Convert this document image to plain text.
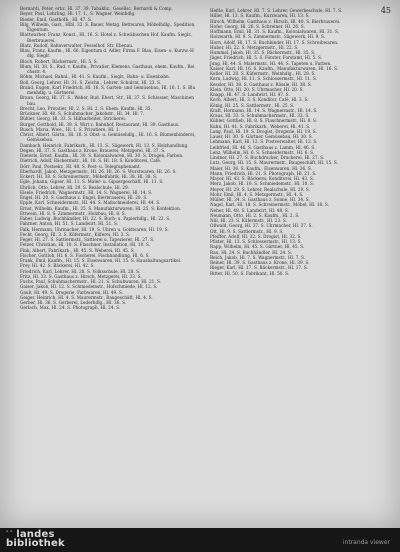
45

Bernardi, Peter, erbz. Hl. 37. 39. Tabakhz., Gesellsc. Bernardi & Comp.

Beyer, Paul, Lehrling, Hl. 17. 1., S. Wagner, Weinhdlg.

Bieder, Emil, Gasthofb., Hl. 47. S.

Bilg, Wilhelm, Gast., Hlbl. 32. S. Bauer, Metzg. Bettwaren, Möbelhdlg., Spedition, Eigentum.

Blattwarber, Franz, Konst., Hl. 16. S. Hotel z. Schwäbischen Hof, Kaufm. Sieglr., Bierbrauerei.

Blatz, Rudolf, Bahnverwalter, Fesselhof. Str. Ebenau.

Blau, Franz, Kaufm., Hl. 66. Eigentum d. Adler, Firma F. Blau, Eisen- u. Kurzw.-Hdlg. Sieglr.

Bloch, Robert, Bäckermstr., Hl. 5. S.

Blum, Hl. 38. S., Rud. v. Kaufm., Privatier, Klemens, Gasthaus, ehem. Kaufm., Reichsstr. 4.

Böhm, Michael, Bahnl., Hl. 41. S. Kaufm., Sieglr., Bahn- u. Eisenbahn.

Boll, Georg, Lehrer, Hl. 31. S. Zeichn., Lehrer, Schulrat, Hl. 23. S.

Brand, Eugen, Karl Friedrich, Hl. 16. S. Garten- und Gemüsebau, Hl. 16. 1. S. Blumenhdlg. u. Gärtnerei.

Braun, Georg, Hl. 37. S., Weber, Rud. Ebert, Str., Hl. 37. S. Schlosser, Maschinenbau.

Brecht, Leo, Privatier, Hl. 2. S. Hl. 2. S. Ehem. Kaufm. Hl. 35.

Brückner, Hl. 40. S. Schuhmacher, Jakobstr., Hl. 34. Hl. 7.

Bühler, Georg, Hl. 33. S. Hilfsarbeiter, Strickerei.

Burger, Gotthold, Hl. 39. S. Wirt z. Bahnhof, Restaurant, Hl. 39. Gasthaus.

Busch, Maria, Wwe., Hl. 1. S. Privatiere, Hl. 1.

Christ, Albert, Gärtn., Hl. 16. S. Obst- u. Gemüsehdlg., Hl. 16. S. Blumenbinderei, Gemüsebau.

Dambach, Heinrich, Fabrikarb., Hl. 13. S., Sägewerk, Hl. 13. S. Holzhandlung.

Degen, Hl. 37. S. Gasthaus z. Krone, Brauerei, Metzgerei, Hl. 37. S.

Dieterle, Ernst, Kaufm., Hl. 30. S. Kolonialwaren, Hl. 30. S. Drogen, Farben.

Dietrich, Adolf, Bäckermstr., Hl. 18. S. Hl. 18. S. Konditorei, Café.

Dörr, Paul, Postsekr., Hl. 48. S. Post- u. Telegraphenamt.

Eberhardt, Jakob, Metzgermstr., Hl. 26. Hl. 26. S. Wurstwaren, Hl. 26. S.

Eckert, Hl. 38. S. Schreinermstr., Möbelfabrik, Hl. 38. Hl. 38. S.

Egle, Johann, Gipser, Hl. 11. S. Maler- u. Gipsergeschäft, Hl. 11. S.

Ehrlich, Otto, Lehrer, Hl. 29. S. Realschule, Hl. 29.

Eisele, Friedrich, Wagnermstr., Hl. 14. S. Wagnerei, Hl. 14. S.

Engel, Hl. 20. S. Gasthaus z. Engel, Bierbrauerei, Hl. 20. S.

Epple, Karl, Schneidermstr., Hl. 44. S. Maßschneiderei, Hl. 44. S.

Ernst, Wilhelm, Kaufm., Hl. 25. S. Manufakturwaren, Hl. 25. S. Konfektion.

Ettwein, Hl. 8. S. Zimmermstr., Holzbau, Hl. 8. S.

Faber, Ludwig, Buchhändler, Hl. 22. S. Buch- u. Papierhdlg., Hl. 22. S.

Fahrner, Anton, Hl. 51. S. Landwirt, Hl. 51. S.

Falk, Hermann, Uhrmacher, Hl. 19. S. Uhren u. Goldwaren, Hl. 19. S.

Fecht, Georg, Hl. 3. S. Küfermstr., Küferei, Hl. 3. S.

Feger, Hl. 27. S. Sattlermstr., Sattlerei u. Tapezierer, Hl. 27. S.

Fetzer, Christian, Hl. 10. S. Flaschner, Installation, Hl. 10. S.

Fink, Albert, Fabrikarb., Hl. 45. S. Weberei, Hl. 45. S.

Fischer, Gottlob, Hl. 6. S. Fischerei, Fischhandlung, Hl. 6. S.

Frank, Emil, Kaufm., Hl. 15. S. Eisenwaren, Hl. 15. S. Haushaltungsartikel.

Frey, Hl. 42. S. Bäckerei, Hl. 42. S.

Friedrich, Karl, Lehrer, Hl. 28. S. Volksschule, Hl. 28. S.

Fritz, Hl. 33. S. Gasthaus z. Hirsch, Metzgerei, Hl. 33. S.

Fuchs, Paul, Schuhmachermstr., Hl. 21. S. Schuhwaren, Hl. 21. S.

Gaiser, Jakob, Hl. 12. S. Schmiedemstr., Hufschmiede, Hl. 12. S.

Gauß, Hl. 49. S. Drogerie, Farbwaren, Hl. 49. S.

Geiger, Heinrich, Hl. 4. S. Maurermstr., Baugeschäft, Hl. 4. S.

Gerber, Hl. 36. S. Gerberei, Lederhdlg., Hl. 36. S.

Gerlach, Max, Hl. 24. S. Photograph, Hl. 24. S.

Heßle, Karl, Lehrer, Hl. 7. S. Lehrer, Gewerbeschule, Hl. 7. S.

Hiller, Hl. 13. S. Kaufm., Kurzwaren, Hl. 13. S.

Hirsch, Wilhelm, Gasthaus z. Hirsch, Hl. 40. S. Bierbrauerei.

Hofer, Georg, Hl. 26. S. Schreiner, Hl. 26. S.

Hoffmann, Emil, Hl. 31. S. Kaufm., Kolonialwaren, Hl. 31. S.

Holzwarth, Hl. 9. S. Zimmermstr., Sägewerk, Hl. 9. S.

Horn, Adolf, Hl. 17. S. Buchbinder, Hl. 17. S. Schreibwaren.

Huber, Hl. 22. S. Metzgermstr., Hl. 22. S.

Hummel, Jakob, Hl. 35. S. Bäckermstr., Hl. 35. S.

Jäger, Friedrich, Hl. 5. S. Förster, Forstamt, Hl. 5. S.

Jung, Hl. 44. S. Malermstr., Hl. 44. S. Tapeten u. Farben.

Kaiser, Karl, Hl. 16. S. Kaufm., Manufakturwaren, Hl. 16. S.

Keller, Hl. 28. S. Küfermstr., Weinhdlg., Hl. 28. S.

Kern, Ludwig, Hl. 11. S. Schlossermstr., Hl. 11. S.

Kessler, Hl. 38. S. Gasthaus z. Rössle, Hl. 38. S.

Klein, Otto, Hl. 20. S. Uhrmacher, Hl. 20. S.

Knapp, Hl. 47. S. Landwirt, Hl. 47. S.

Koch, Albert, Hl. 3. S. Konditor, Café, Hl. 3. S.

König, Hl. 25. S. Sattlermstr., Hl. 25. S.

Kraft, Hermann, Hl. 14. S. Wagnermstr., Hl. 14. S.

Kraus, Hl. 33. S. Schuhmachermstr., Hl. 33. S.

Kübler, Gottlieb, Hl. 8. S. Flaschnermstr., Hl. 8. S.

Kuhn, Hl. 41. S. Fabrikarb., Weberei, Hl. 41. S.

Lang, Paul, Hl. 19. S. Drogist, Drogerie, Hl. 19. S.

Lauer, Hl. 30. S. Gärtner, Gemüsebau, Hl. 30. S.

Lehmann, Karl, Hl. 12. S. Postverwalter, Hl. 12. S.

Leibfried, Hl. 46. S. Gasthaus z. Lamm, Hl. 46. S.

Lenz, Wilhelm, Hl. 6. S. Schneidermstr., Hl. 6. S.

Lindner, Hl. 27. S. Buchdrucker, Druckerei, Hl. 27. S.

Lutz, Georg, Hl. 15. S. Maurermstr., Baugeschäft, Hl. 15. S.

Maier, Hl. 36. S. Kaufm., Eisenwaren, Hl. 36. S.

Mann, Friedrich, Hl. 21. S. Photograph, Hl. 21. S.

Mayer, Hl. 43. S. Bäckerei, Konditorei, Hl. 43. S.

Merz, Jakob, Hl. 10. S. Schmiedemstr., Hl. 10. S.

Meyer, Hl. 29. S. Lehrer, Realschule, Hl. 29. S.

Mohr, Emil, Hl. 4. S. Metzgermstr., Hl. 4. S.

Müller, Hl. 34. S. Gasthaus z. Sonne, Hl. 34. S.

Nagel, Karl, Hl. 18. S. Schreinermstr., Möbel, Hl. 18. S.

Neher, Hl. 48. S. Landwirt, Hl. 48. S.

Neumann, Otto, Hl. 2. S. Kaufm., Hl. 2. S.

Nill, Hl. 23. S. Küfermstr., Hl. 23. S.

Oßwald, Georg, Hl. 37. S. Uhrmacher, Hl. 37. S.

Ott, Hl. 9. S. Sattlermstr., Hl. 9. S.

Pfeiffer, Adolf, Hl. 32. S. Drogist, Hl. 32. S.

Pfister, Hl. 13. S. Schlossermstr., Hl. 13. S.

Rapp, Wilhelm, Hl. 45. S. Gärtner, Hl. 45. S.

Rau, Hl. 24. S. Buchhändler, Hl. 24. S.

Reich, Jakob, Hl. 7. S. Wagnermstr., Hl. 7. S.

Reiner, Hl. 39. S. Gasthaus z. Krone, Hl. 39. S.

Rieger, Karl, Hl. 17. S. Bäckermstr., Hl. 17. S.

Ritter, Hl. 50. S. Fabrikant, Hl. 50. S.

ﾟﾟ landes
bibliothek	intranda viewer
